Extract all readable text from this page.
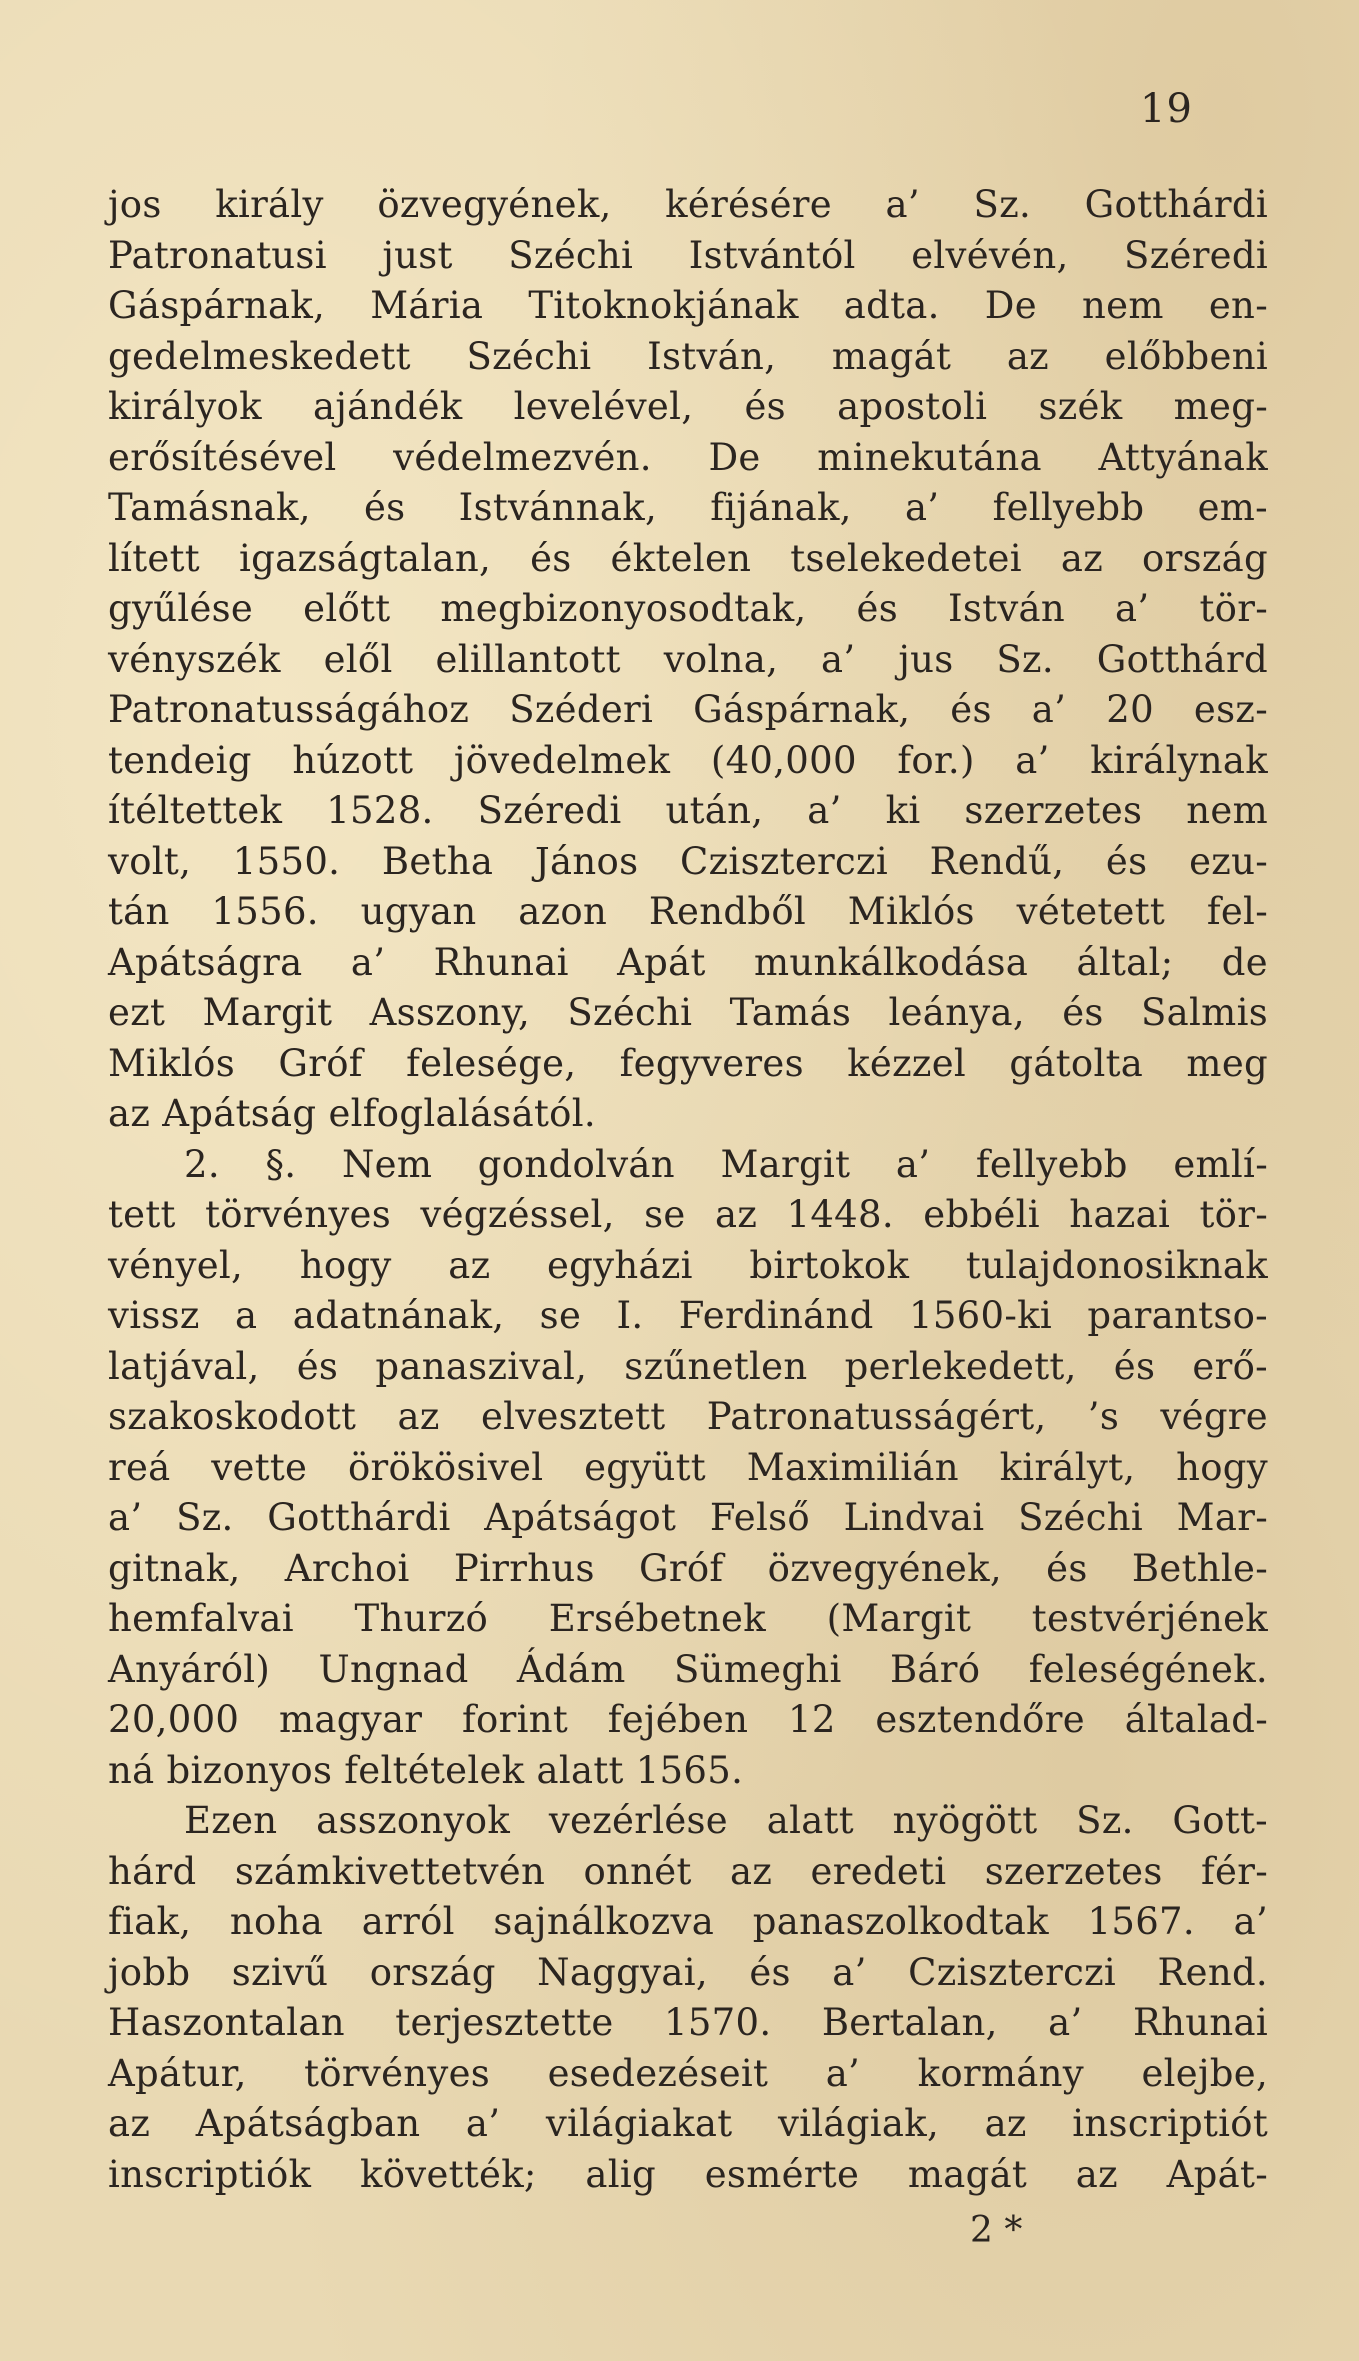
19
jos király özvegyének, kérésére a’ Sz. Gotthárdi
Patronatusi just Széchi Istvántól elvévén, Széredi
Gáspárnak, Mária Titoknokjának adta. De nem en-
gedelmeskedett Széchi István, magát az előbbeni
királyok ajándék levelével, és apostoli szék meg-
erősítésével védelmezvén. De minekutána Attyának
Tamásnak, és Istvánnak, fijának, a’ fellyebb em-
lített igazságtalan, és éktelen tselekedetei az ország
gyűlése előtt megbizonyosodtak, és István a’ tör-
vényszék elől elillantott volna, a’ jus Sz. Gotthárd
Patronatusságához Széderi Gáspárnak, és a’ 20 esz-
tendeig húzott jövedelmek (40,000 for.) a’ királynak
ítéltettek 1528. Széredi után, a’ ki szerzetes nem
volt, 1550. Betha János Cziszterczi Rendű, és ezu-
tán 1556. ugyan azon Rendből Miklós vétetett fel-
Apátságra a’ Rhunai Apát munkálkodása által; de
ezt Margit Asszony, Széchi Tamás leánya, és Salmis
Miklós Gróf felesége, fegyveres kézzel gátolta meg
az Apátság elfoglalásától.
2. §. Nem gondolván Margit a’ fellyebb emlí-
tett törvényes végzéssel, se az 1448. ebbéli hazai tör-
vényel, hogy az egyházi birtokok tulajdonosiknak
vissz a adatnának, se I. Ferdinánd 1560-ki parantso-
latjával, és panaszival, szűnetlen perlekedett, és erő-
szakoskodott az elvesztett Patronatusságért, ’s végre
reá vette örökösivel együtt Maximilián királyt, hogy
a’ Sz. Gotthárdi Apátságot Felső Lindvai Széchi Mar-
gitnak, Archoi Pirrhus Gróf özvegyének, és Bethle-
hemfalvai Thurzó Ersébetnek (Margit testvérjének
Anyáról) Ungnad Ádám Sümeghi Báró feleségének.
20,000 magyar forint fejében 12 esztendőre általad-
ná bizonyos feltételek alatt 1565.
Ezen asszonyok vezérlése alatt nyögött Sz. Gott-
hárd számkivettetvén onnét az eredeti szerzetes fér-
fiak, noha arról sajnálkozva panaszolkodtak 1567. a’
jobb szivű ország Naggyai, és a’ Cziszterczi Rend.
Haszontalan terjesztette 1570. Bertalan, a’ Rhunai
Apátur, törvényes esedezéseit a’ kormány elejbe,
az Apátságban a’ világiakat világiak, az inscriptiót
inscriptiók követték; alig esmérte magát az Apát-
2 *
